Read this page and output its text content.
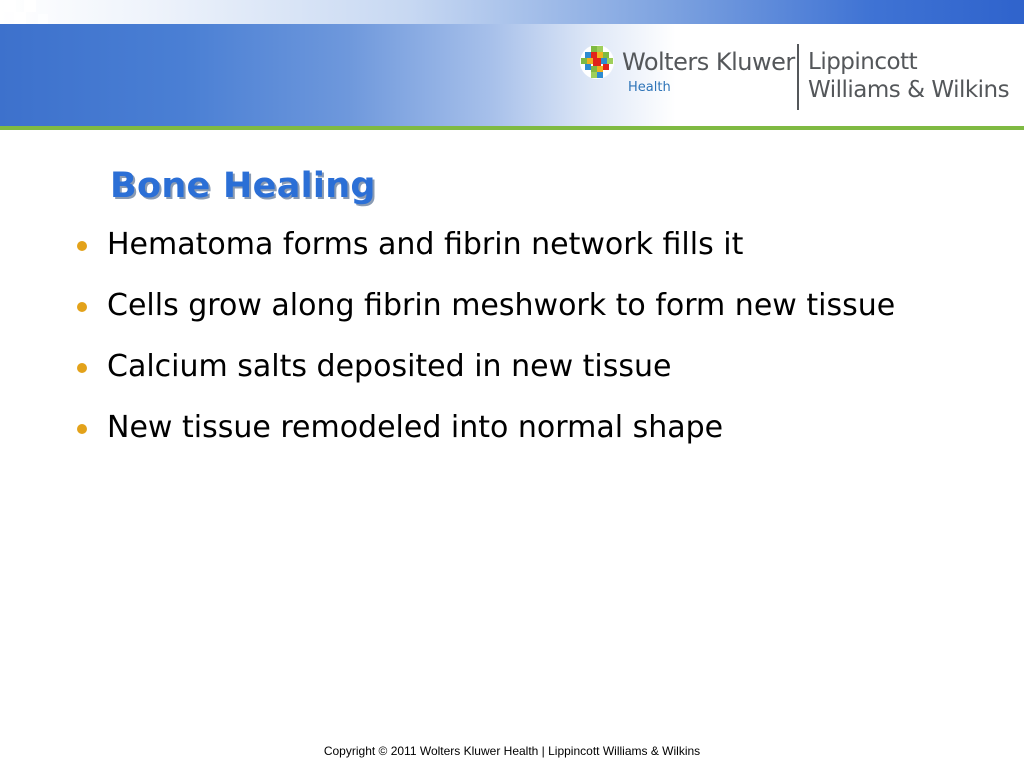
Wolters Kluwer
Health
Lippincott
Williams & Wilkins
Bone Healing
Hematoma forms and fibrin network fills it
Cells grow along fibrin meshwork to form new tissue
Calcium salts deposited in new tissue
New tissue remodeled into normal shape
Copyright © 2011 Wolters Kluwer Health | Lippincott Williams & Wilkins
